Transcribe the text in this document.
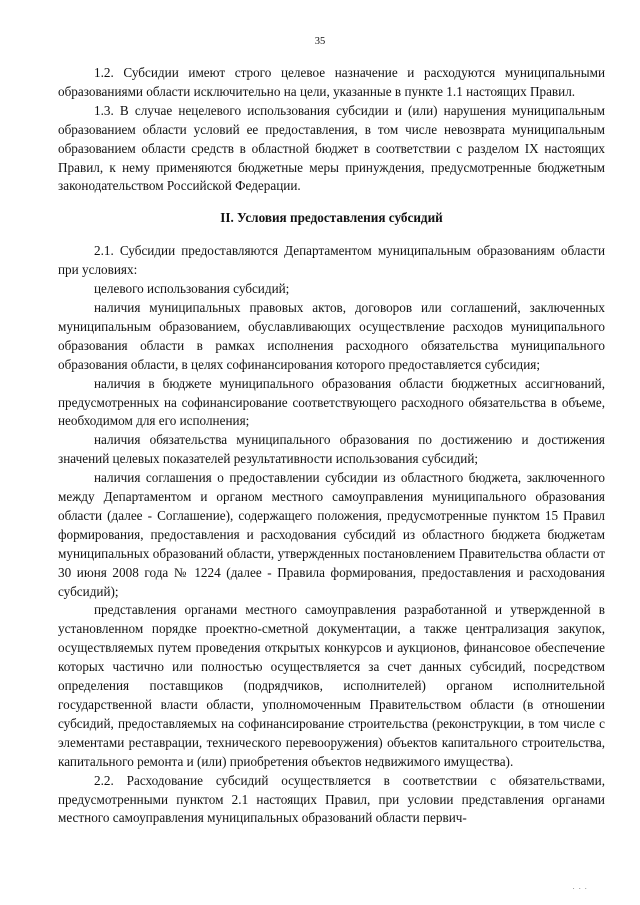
35

1.2. Субсидии имеют строго целевое назначение и расходуются муниципальными образованиями области исключительно на цели, указанные в пункте 1.1 настоящих Правил.

1.3. В случае нецелевого использования субсидии и (или) нарушения муниципальным образованием области условий ее предоставления, в том числе невозврата муниципальным образованием области средств в областной бюджет в соответствии с разделом IX настоящих Правил, к нему применяются бюджетные меры принуждения, предусмотренные бюджетным законодательством Российской Федерации.

II. Условия предоставления субсидий

2.1. Субсидии предоставляются Департаментом муниципальным образованиям области при условиях:

целевого использования субсидий;

наличия муниципальных правовых актов, договоров или соглашений, заключенных муниципальным образованием, обуславливающих осуществление расходов муниципального образования области в рамках исполнения расходного обязательства муниципального образования области, в целях софинансирования которого предоставляется субсидия;

наличия в бюджете муниципального образования области бюджетных ассигнований, предусмотренных на софинансирование соответствующего расходного обязательства в объеме, необходимом для его исполнения;

наличия обязательства муниципального образования по достижению и достижения значений целевых показателей результативности использования субсидий;

наличия соглашения о предоставлении субсидии из областного бюджета, заключенного между Департаментом и органом местного самоуправления муниципального образования области (далее - Соглашение), содержащего положения, предусмотренные пунктом 15 Правил формирования, предоставления и расходования субсидий из областного бюджета бюджетам муниципальных образований области, утвержденных постановлением Правительства области от 30 июня 2008 года № 1224 (далее - Правила формирования, предоставления и расходования субсидий);

представления органами местного самоуправления разработанной и утвержденной в установленном порядке проектно-сметной документации, а также централизация закупок, осуществляемых путем проведения открытых конкурсов и аукционов, финансовое обеспечение которых частично или полностью осуществляется за счет данных субсидий, посредством определения поставщиков (подрядчиков, исполнителей) органом исполнительной государственной власти области, уполномоченным Правительством области (в отношении субсидий, предоставляемых на софинансирование строительства (реконструкции, в том числе с элементами реставрации, технического перевооружения) объектов капитального строительства, капитального ремонта и (или) приобретения объектов недвижимого имущества).

2.2. Расходование субсидий осуществляется в соответствии с обязательствами, предусмотренными пунктом 2.1 настоящих Правил, при условии представления органами местного самоуправления муниципальных образований области первич-

· · ·
